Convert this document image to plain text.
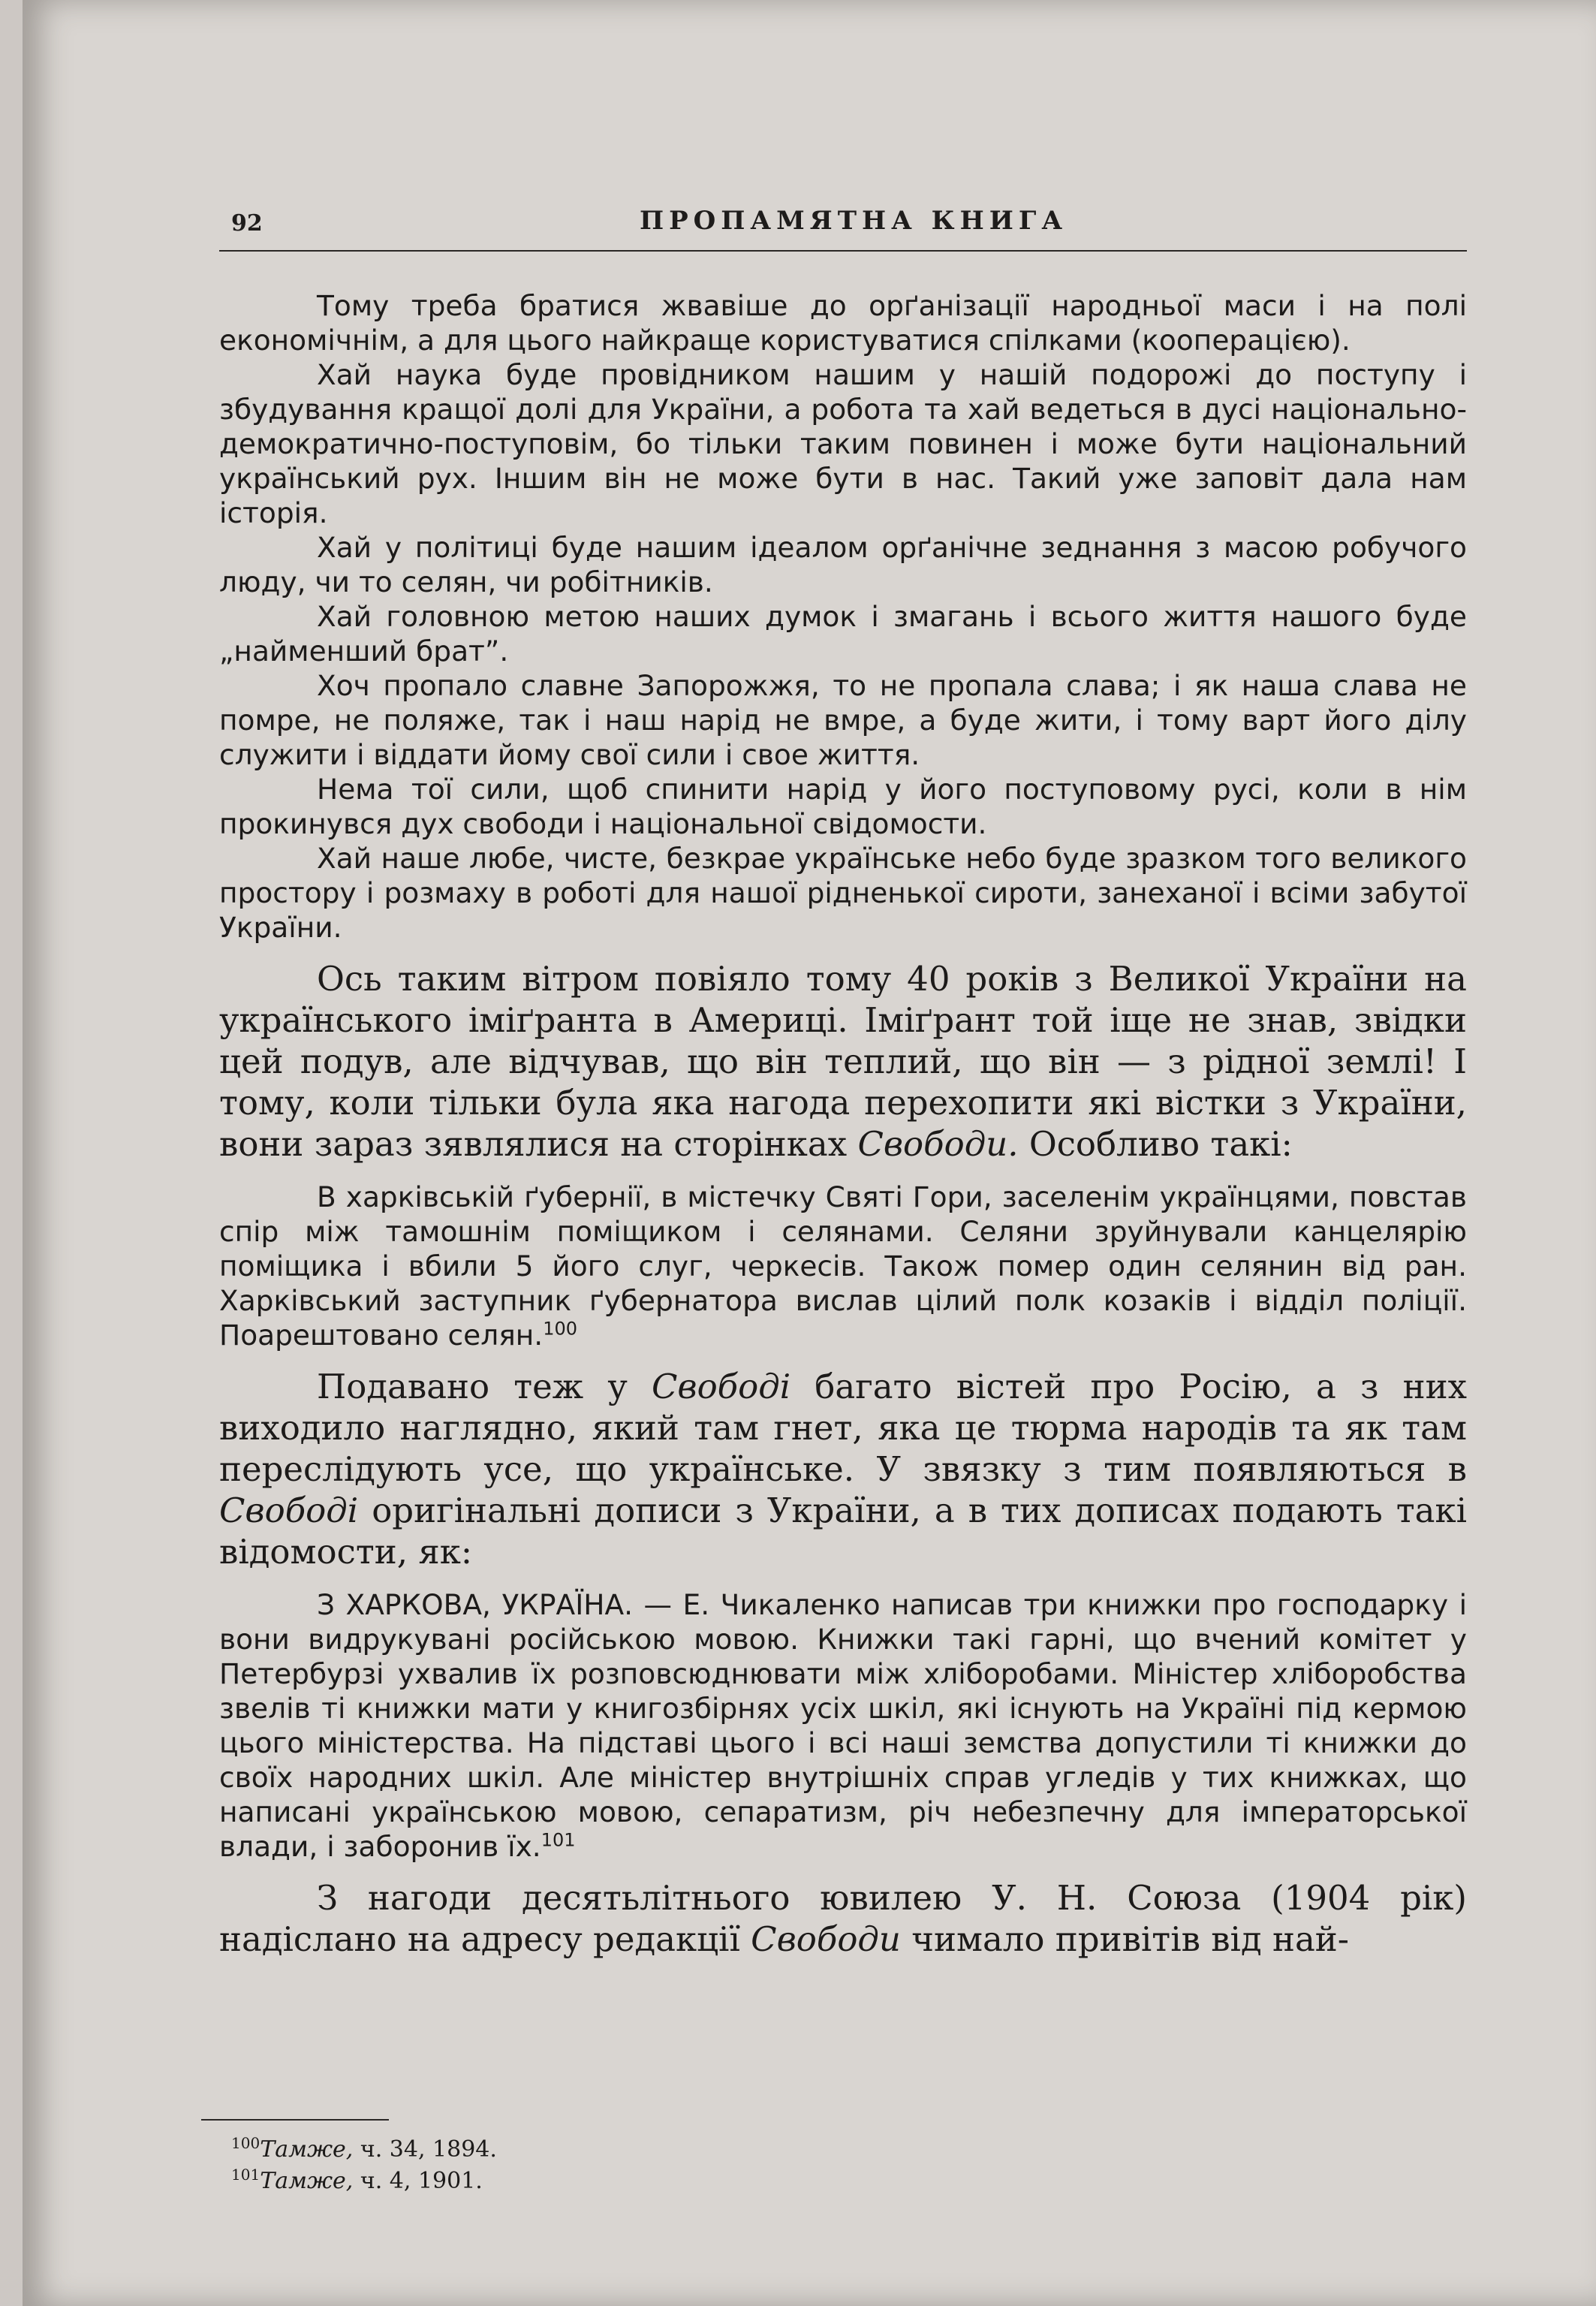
92	ПРОПАМЯТНА КНИГА

Тому треба братися жвавіше до орґанізації народньої маси і на полі економічнім, а для цього найкраще користуватися спілками (кооперацією).

Хай наука буде провідником нашим у нашій подорожі до поступу і збудування кращої долі для України, а робота та хай ведеться в дусі національно-демократично-поступовім, бо тільки таким повинен і може бути національний український рух. Іншим він не може бути в нас. Такий уже заповіт дала нам історія.

Хай у політиці буде нашим ідеалом орґанічне зеднання з масою робучого люду, чи то селян, чи робітників.

Хай головною метою наших думок і змагань і всього життя нашого буде „найменший брат”.

Хоч пропало славне Запорожжя, то не пропала слава; і як наша слава не помре, не поляже, так і наш нарід не вмре, а буде жити, і тому варт його ділу служити і віддати йому свої сили і свое життя.

Нема тої сили, щоб спинити нарід у його поступовому русі, коли в нім прокинувся дух свободи і національної свідомости.

Хай наше любе, чисте, безкрае українське небо буде зразком того великого простору і розмаху в роботі для нашої рідненької сироти, занеханої і всіми забутої України.

Ось таким вітром повіяло тому 40 років з Великої України на українського іміґранта в Америці. Іміґрант той іще не знав, звідки цей подув, але відчував, що він теплий, що він — з рідної землі! І тому, коли тільки була яка нагода перехопити які вістки з України, вони зараз зявлялися на сторінках Свободи. Особливо такі:

В харківській ґубернії, в містечку Святі Гори, заселенім українцями, повстав спір між тамошнім поміщиком і селянами. Селяни зруйнували канцелярію поміщика і вбили 5 його слуг, черкесів. Також помер один селянин від ран. Харківський заступник ґубернатора вислав цілий полк козаків і відділ поліції. Поарештовано селян.$^{100}$

Подавано теж у Свободі багато вістей про Росію, а з них виходило наглядно, який там гнет, яка це тюрма народів та як там переслідують усе, що українське. У звязку з тим появляються в Свободі оригінальні дописи з України, а в тих дописах подають такі відомости, як:

З ХАРКОВА, УКРАЇНА. — Е. Чикаленко написав три книжки про господарку і вони видрукувані російською мовою. Книжки такі гарні, що вчений комітет у Петербурзі ухвалив їх розповсюднювати між хліборобами. Міністер хліборобства звелів ті книжки мати у книгозбірнях усіх шкіл, які існують на Україні під кермою цього міністерства. На підставі цього і всі наші земства допустили ті книжки до своїх народних шкіл. Але міністер внутрішніх справ угледів у тих книжках, що написані українською мовою, сепаратизм, річ небезпечну для імператорської влади, і заборонив їх.$^{101}$

З нагоди десятьлітнього ювилею У. Н. Союза (1904 рік) надіслано на адресу редакції Свободи чимало привітів від най-

$^{100}$Тамже, ч. 34, 1894.
$^{101}$Тамже, ч. 4, 1901.
